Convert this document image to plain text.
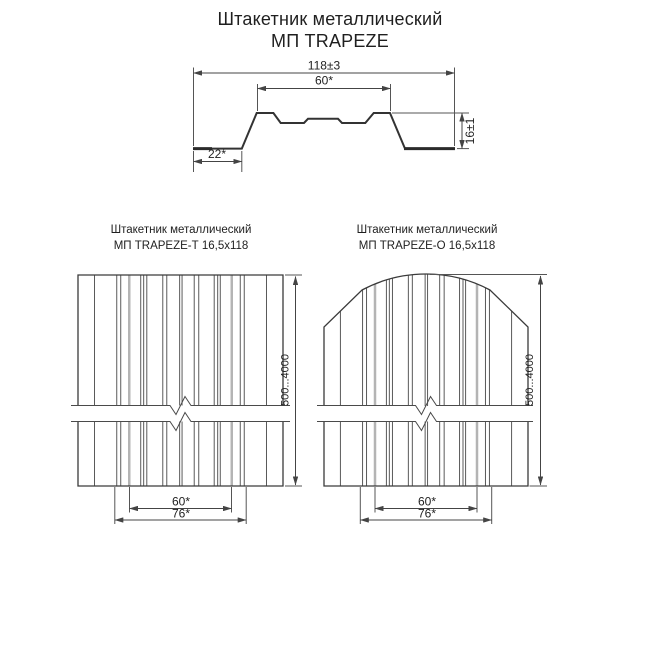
Штакетник металлический
МП TRAPEZE
118±3
60*
16±1
22*
Штакетник металлический
МП TRAPEZE-Т 16,5х118
500...4000
60*
76*
Штакетник металлический
МП TRAPEZE-О 16,5х118
500...4000
60*
76*
